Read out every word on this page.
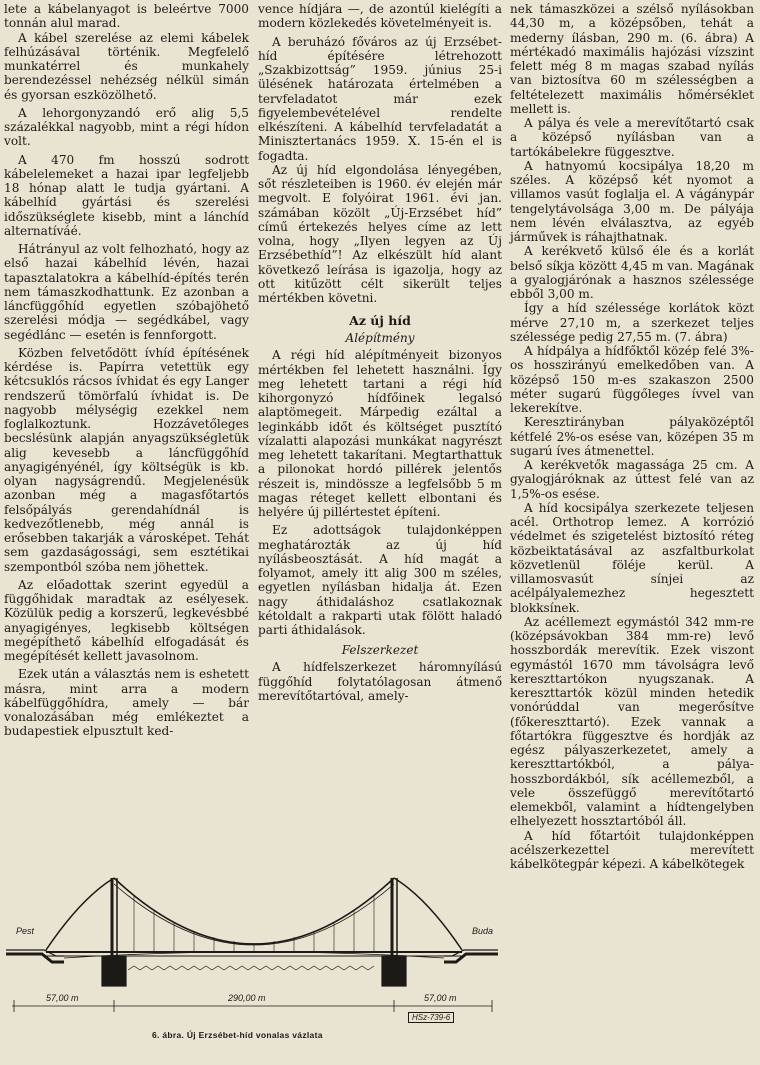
lete a kábelanyagot is beleértve 7000 tonnán alul marad.

A kábel szerelése az elemi kábelek felhúzásával történik. Megfelelő munkatérrel és munkahely berendezéssel nehézség nélkül simán és gyorsan eszközölhető.

A lehorgonyzandó erő alig 5,5 százalékkal nagyobb, mint a régi hídon volt.

A 470 fm hosszú sodrott kábelelemeket a hazai ipar legfeljebb 18 hónap alatt le tudja gyártani. A kábelhíd gyártási és szerelési időszükséglete kisebb, mint a lánchíd alternatíváé.

Hátrányul az volt felhozható, hogy az első hazai kábelhíd lévén, hazai tapasztalatokra a kábelhíd-építés terén nem támaszkodhattunk. Ez azonban a láncfüggőhíd egyetlen szóbajöhető szerelési módja — segédkábel, vagy segédlánc — esetén is fennforgott.

Közben felvetődött ívhíd építésének kérdése is. Papírra vetettük egy kétcsuklós rácsos ívhidat és egy Langer rendszerű tömörfalú ívhidat is. De nagyobb mélységig ezekkel nem foglalkoztunk. Hozzávetőleges becslésünk alapján anyagszükségletük alig kevesebb a láncfüggőhíd anyagigényénél, így költségük is kb. olyan nagyságrendű. Megjelenésük azonban még a magasfőtartós felsőpályás gerendahídnál is kedvezőtlenebb, még annál is erősebben takarják a városképet. Tehát sem gazdaságossági, sem esztétikai szempontból szóba nem jöhettek.

Az előadottak szerint egyedül a függőhidak maradtak az esélyesek. Közülük pedig a korszerű, legkevésbbé anyagigényes, legkisebb költségen megépíthető kábelhíd elfogadását és megépítését kellett javasolnom.

Ezek után a választás nem is eshetett másra, mint arra a modern kábelfüggőhídra, amely — bár vonalozásában még emlékeztet a budapestiek elpusztult ked-

vence hídjára —, de azontúl kielégíti a modern közlekedés követelményeit is.

A beruházó főváros az új Erzsébet-híd építésére létrehozott „Szakbizottság” 1959. június 25-i ülésének határozata értelmében a tervfeladatot már ezek figyelembevételével rendelte elkészíteni. A kábelhíd tervfeladatát a Minisztertanács 1959. X. 15-én el is fogadta.

Az új híd elgondolása lényegében, sőt részleteiben is 1960. év elején már megvolt. E folyóirat 1961. évi jan. számában közölt „Új-Erzsébet híd” című értekezés helyes címe az lett volna, hogy „Ilyen legyen az Új Erzsébethíd”! Az elkészült híd alant következő leírása is igazolja, hogy az ott kitűzött célt sikerült teljes mértékben követni.

Az új híd
Alépítmény

A régi híd alépítményeit bizonyos mértékben fel lehetett használni. Így meg lehetett tartani a régi híd kihorgonyzó hídfőinek legalsó alaptömegeit. Márpedig ezáltal a leginkább időt és költséget pusztító vízalatti alapozási munkákat nagyrészt meg lehetett takarítani. Megtarthattuk a pilonokat hordó pillérek jelentős részeit is, mindössze a legfelsőbb 5 m magas réteget kellett elbontani és helyére új pillértestet építeni.

Ez adottságok tulajdonképpen meghatározták az új híd nyílásbeosztását. A híd magát a folyamot, amely itt alig 300 m széles, egyetlen nyílásban hidalja át. Ezen nagy áthidaláshoz csatlakoznak kétoldalt a rakparti utak fölött haladó parti áthidalások.

Felszerkezet

A hídfelszerkezet háromnyílású függőhíd folytatólagosan átmenő merevítőtartóval, amely-

nek támaszközei a szélső nyílásokban 44,30 m, a középsőben, tehát a mederny ílásban, 290 m. (6. ábra) A mértékadó maximális hajózási vízszint felett még 8 m magas szabad nyílás van biztosítva 60 m szélességben a feltételezett maximális hőmérséklet mellett is.

A pálya és vele a merevítőtartó csak a középső nyílásban van a tartókábelekre függesztve.

A hatnyomú kocsipálya 18,20 m széles. A középső két nyomot a villamos vasút foglalja el. A vágánypár tengelytávolsága 3,00 m. De pályája nem lévén elválasztva, az egyéb járművek is ráhajthatnak.

A kerékvető külső éle és a korlát belső síkja között 4,45 m van. Magának a gyalogjárónak a hasznos szélessége ebből 3,00 m.

Így a híd szélessége korlátok közt mérve 27,10 m, a szerkezet teljes szélessége pedig 27,55 m. (7. ábra)

A hídpálya a hídfőktől közép felé 3%-os hosszirányú emelkedőben van. A középső 150 m-es szakaszon 2500 méter sugarú függőleges ívvel van lekerekítve.

Keresztirányban pályaközéptől kétfelé 2%-os esése van, középen 35 m sugarú íves átmenettel.

A kerékvetők magassága 25 cm. A gyalogjáróknak az úttest felé van az 1,5%-os esése.

A híd kocsipálya szerkezete teljesen acél. Orthotrop lemez. A korrózió védelmet és szigetelést biztosító réteg közbeiktatásával az aszfaltburkolat közvetlenül föléje kerül. A villamosvasút sínjei az acélpályalemezhez hegesztett blokksínek.

Az acéllemezt egymástól 342 mm-re (középsávokban 384 mm-re) levő hosszbordák merevítik. Ezek viszont egymástól 1670 mm távolságra levő kereszttartókon nyugszanak. A kereszttartók közül minden hetedik vonórúddal van megerősítve (főkereszttartó). Ezek vannak a főtartókra függesztve és hordják az egész pályaszerkezetet, amely a kereszttartókból, a pálya-hosszbordákból, sík acéllemezből, a vele összefüggő merevítőtartó elemekből, valamint a hídtengelyben elhelyezett hossztartóból áll.

A híd főtartóit tulajdonképpen acélszerkezettel merevített kábelkötegpár képezi. A kábelkötegek

Pest	Buda
57,00 m	290,00 m	57,00 m
HSz-739-6
6. ábra. Új Erzsébet-híd vonalas vázlata
